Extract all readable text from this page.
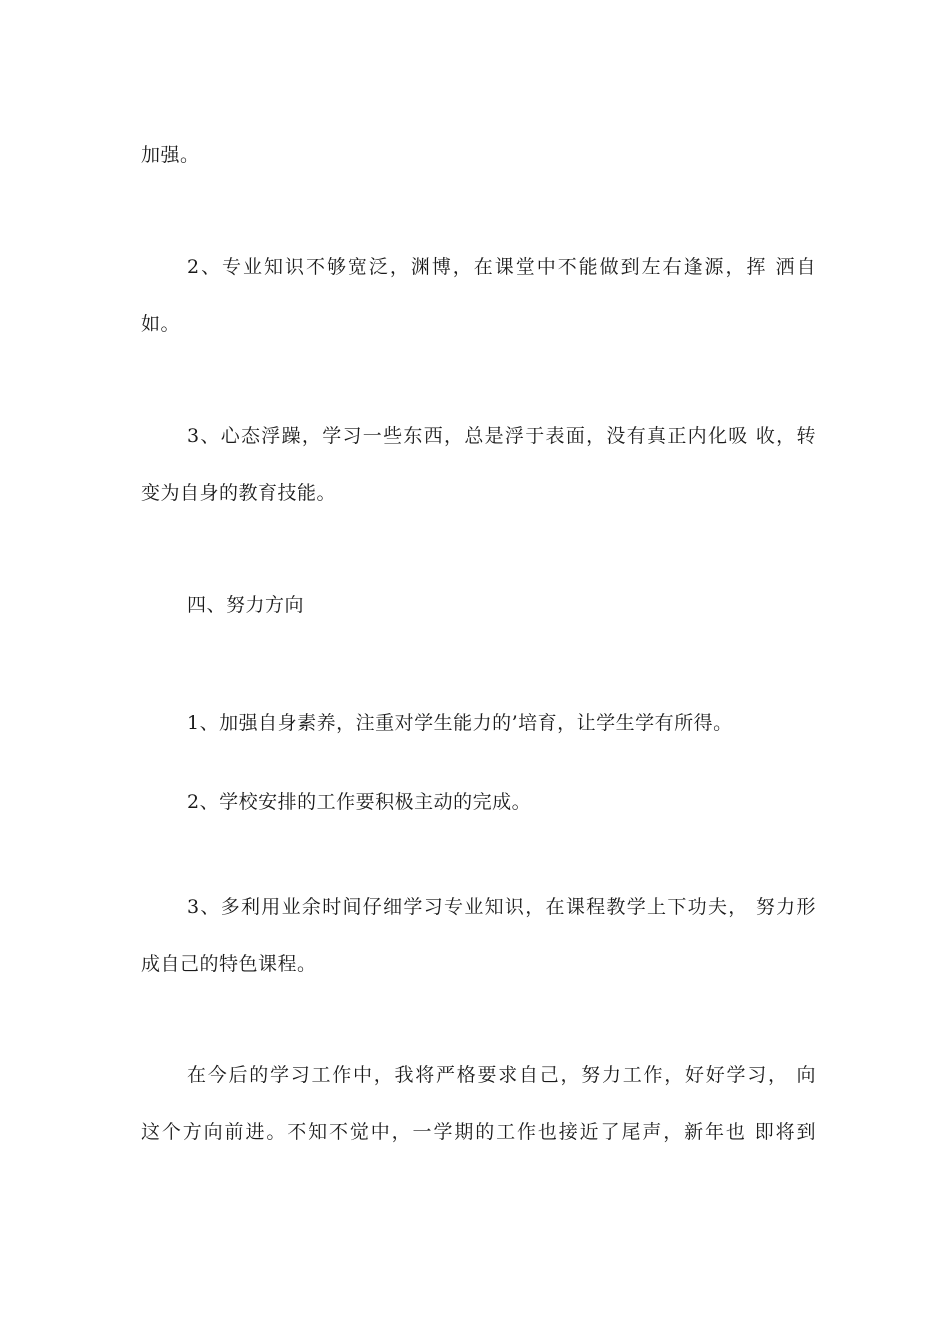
加强。
2、专业知识不够宽泛，渊博，在课堂中不能做到左右逢源，挥 洒自
如。
3、心态浮躁，学习一些东西，总是浮于表面，没有真正内化吸 收，转
变为自身的教育技能。
四、努力方向
1、加强自身素养，注重对学生能力的’培育，让学生学有所得。
2、学校安排的工作要积极主动的完成。
3、多利用业余时间仔细学习专业知识，在课程教学上下功夫， 努力形
成自己的特色课程。
在今后的学习工作中，我将严格要求自己，努力工作，好好学习， 向
这个方向前进。不知不觉中，一学期的工作也接近了尾声，新年也 即将到
